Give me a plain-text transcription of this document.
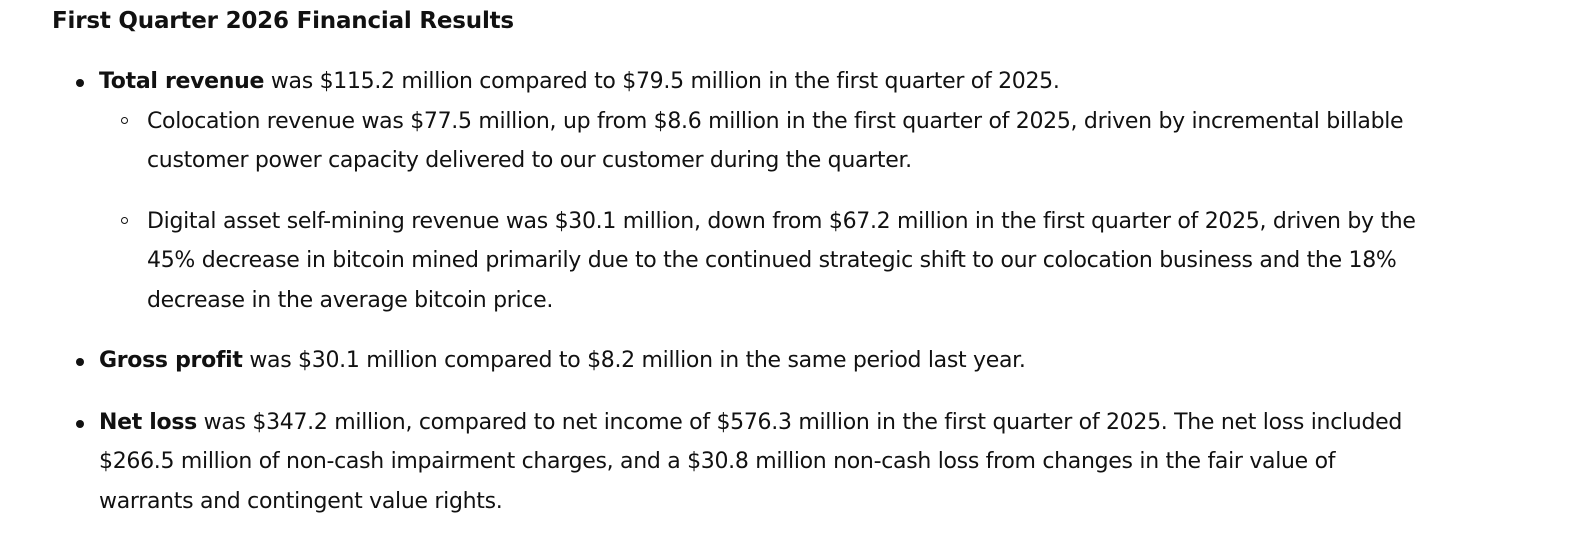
First Quarter 2026 Financial Results
Total revenue was $115.2 million compared to $79.5 million in the first quarter of 2025.
Colocation revenue was $77.5 million, up from $8.6 million in the first quarter of 2025, driven by incremental billable customer power capacity delivered to our customer during the quarter.
Digital asset self-mining revenue was $30.1 million, down from $67.2 million in the first quarter of 2025, driven by the 45% decrease in bitcoin mined primarily due to the continued strategic shift to our colocation business and the 18% decrease in the average bitcoin price.
Gross profit was $30.1 million compared to $8.2 million in the same period last year.
Net loss was $347.2 million, compared to net income of $576.3 million in the first quarter of 2025. The net loss included $266.5 million of non-cash impairment charges, and a $30.8 million non-cash loss from changes in the fair value of warrants and contingent value rights.
